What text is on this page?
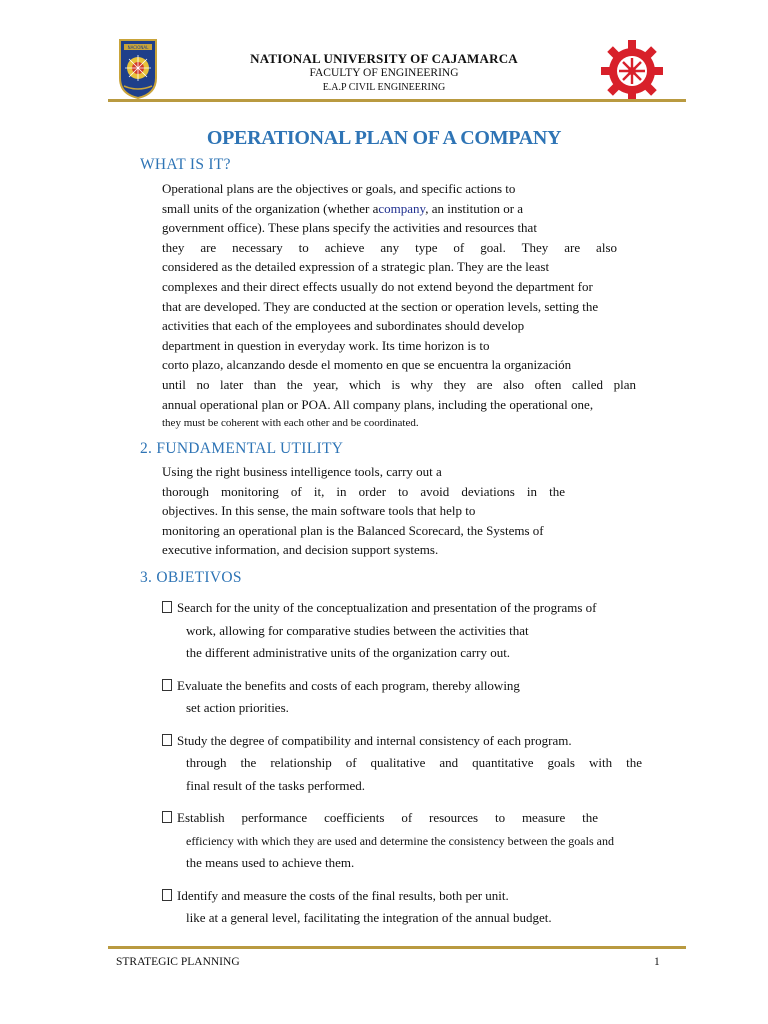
NACIONAL
NATIONAL UNIVERSITY OF CAJAMARCA
FACULTY OF ENGINEERING
E.A.P CIVIL ENGINEERING
OPERATIONAL PLAN OF A COMPANY
WHAT IS IT?
Operational plans are the objectives or goals, and specific actions to
small units of the organization (whether acompany, an institution or a
government office). These plans specify the activities and resources that
they are necessary to achieve any type of goal. They are also
considered as the detailed expression of a strategic plan. They are the least
complexes and their direct effects usually do not extend beyond the department for
that are developed. They are conducted at the section or operation levels, setting the
activities that each of the employees and subordinates should develop
department in question in everyday work. Its time horizon is to
corto plazo, alcanzando desde el momento en que se encuentra la organización
until no later than the year, which is why they are also often called plan
annual operational plan or POA. All company plans, including the operational one,
they must be coherent with each other and be coordinated.
2. FUNDAMENTAL UTILITY
Using the right business intelligence tools, carry out a
thorough monitoring of it, in order to avoid deviations in the
objectives. In this sense, the main software tools that help to
monitoring an operational plan is the Balanced Scorecard, the Systems of
executive information, and decision support systems.
3. OBJETIVOS
Search for the unity of the conceptualization and presentation of the programs of
work, allowing for comparative studies between the activities that
the different administrative units of the organization carry out.
Evaluate the benefits and costs of each program, thereby allowing
set action priorities.
Study the degree of compatibility and internal consistency of each program.
through the relationship of qualitative and quantitative goals with the
final result of the tasks performed.
Establish performance coefficients of resources to measure the
efficiency with which they are used and determine the consistency between the goals and
the means used to achieve them.
Identify and measure the costs of the final results, both per unit.
like at a general level, facilitating the integration of the annual budget.
STRATEGIC PLANNING	1
